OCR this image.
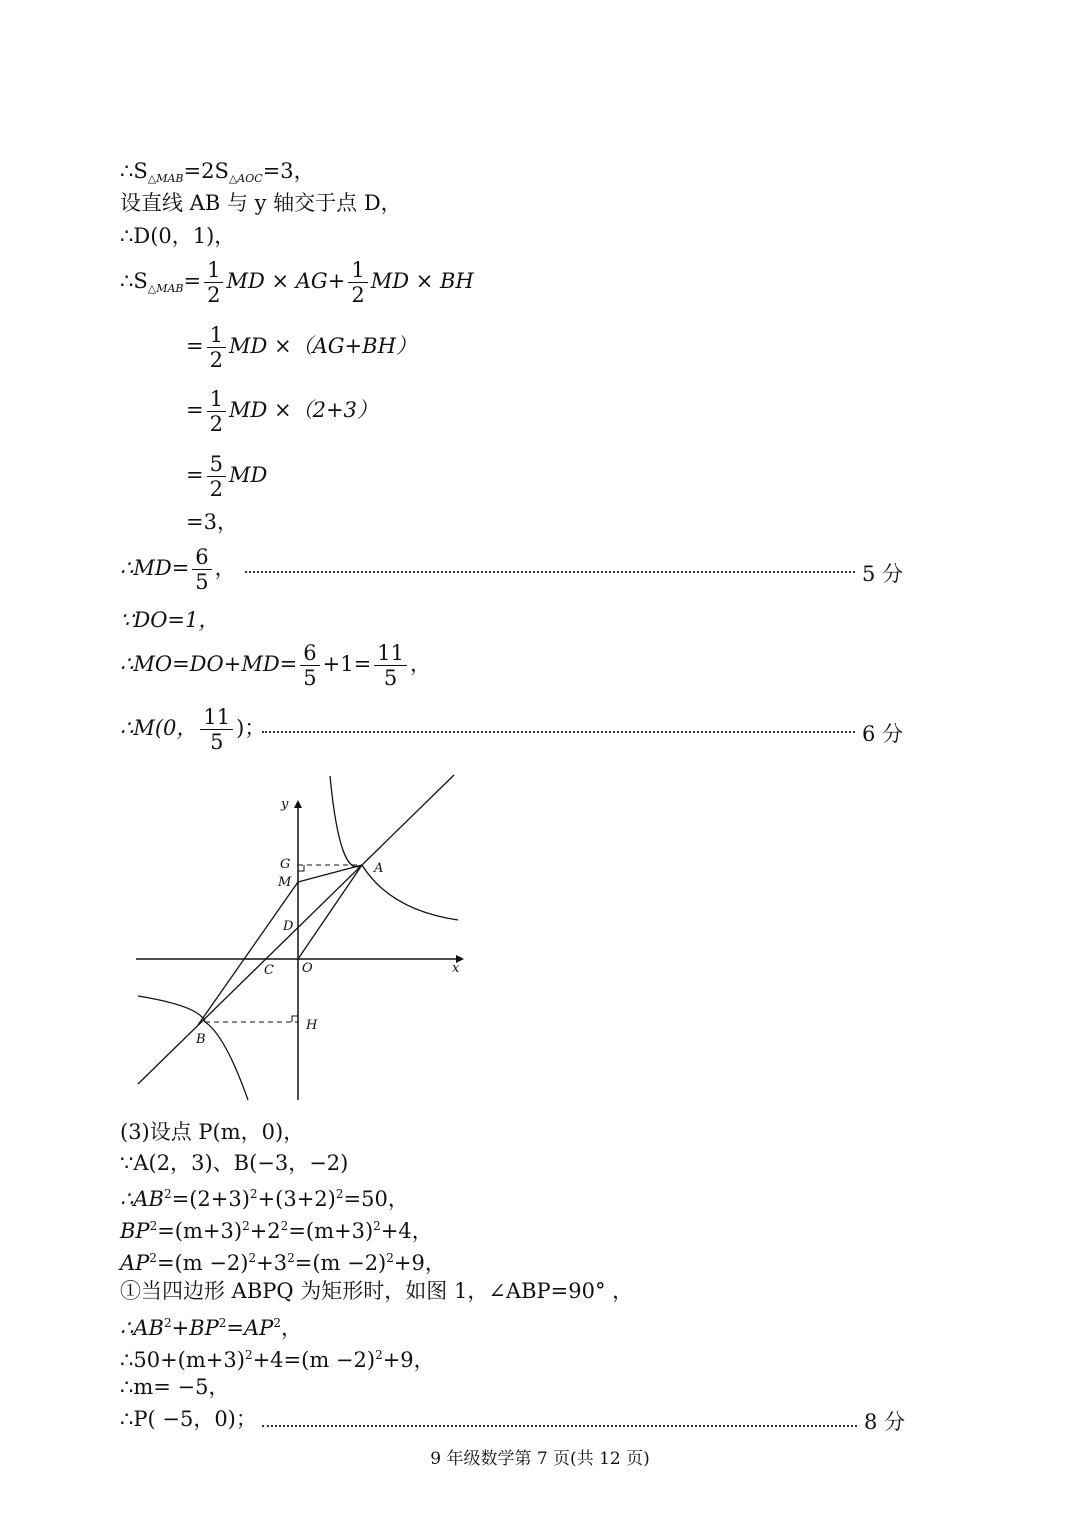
$\therefore S_{\triangle MAB}=2S_{\triangle AOC}=3$，
设直线 AB 与 y 轴交于点 D，
∴D(0，1)，
$\therefore S_{\triangle MAB}= \frac{1}{2}$ MD × $AG+ \frac{1}{2}$ MD × BH
= $\frac{1}{2}$ MD ×（AG+BH）
= $\frac{1}{2}$ MD ×（2+3）
= $\frac{5}{2}$ MD
=3，
∴MD= $\frac{6}{5}$ ，	5 分
∵DO=1，
∴MO=DO+MD= $\frac{6}{5} +1= \frac{11}{5}$ ，
∴M(0， $\frac{11}{5}$ )；	6 分
y
x
G
M
A
D
C O
H
B
(3)设点 P(m，0)，
∵A(2，3)、B(−3，−2)
$\therefore AB^2=(2+3)^2+(3+2)^2=50$，
$BP^2=(m+3)^2+2^2=(m+3)^2+4$，
$AP^2=(m -2)^2+3^2=(m -2)^2+9$，
①当四边形 ABPQ 为矩形时，如图 1，∠ABP=90° ，
$\therefore AB^2+BP^2=AP^2$，
$\therefore 50+(m+3)^2+4=(m -2)^2+9$，
∴m= −5，
∴P( −5，0)；	8 分
9 年级数学第 7 页(共 12 页)
